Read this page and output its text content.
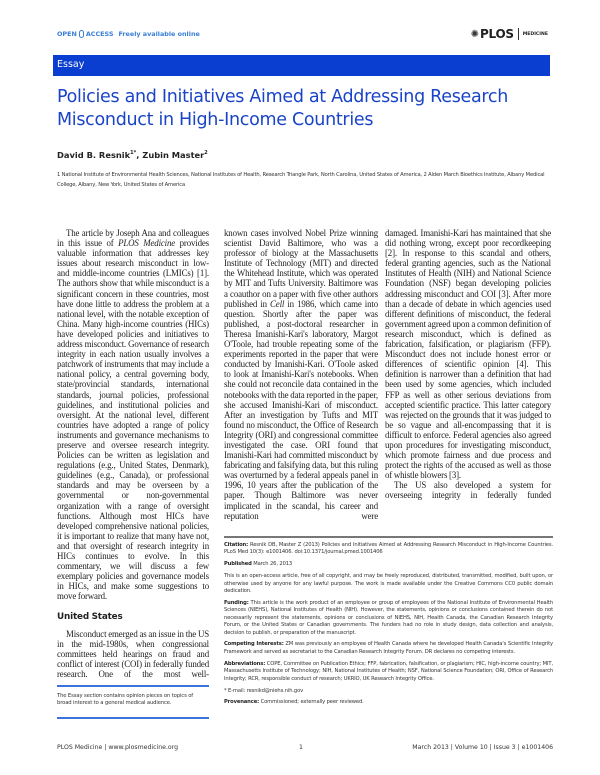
OPEN ACCESS Freely available online	✺ PLOS MEDICINE
Essay
Policies and Initiatives Aimed at Addressing Research Misconduct in High-Income Countries
David B. Resnik$^{1*}$, Zubin Master$^2$
1 National Institute of Environmental Health Sciences, National Institutes of Health, Research Triangle Park, North Carolina, United States of America, 2 Alden March Bioethics Institute, Albany Medical College, Albany, New York, United States of America

The article by Joseph Ana and colleagues in this issue of PLOS Medicine provides valuable information that addresses key issues about research misconduct in low- and middle-income countries (LMICs) [1]. The authors show that while misconduct is a significant concern in these countries, most have done little to address the problem at a national level, with the notable exception of China. Many high-income countries (HICs) have developed policies and initiatives to address misconduct. Governance of research integrity in each nation usually involves a patchwork of instruments that may include a national policy, a central governing body, state/provincial standards, international standards, journal policies, professional guidelines, and institutional policies and oversight. At the national level, different countries have adopted a range of policy instruments and governance mechanisms to preserve and oversee research integrity. Policies can be written as legislation and regulations (e.g., United States, Denmark), guidelines (e.g., Canada), or professional standards and may be overseen by a governmental or non-governmental organization with a range of oversight functions. Although most HICs have developed comprehensive national policies, it is important to realize that many have not, and that oversight of research integrity in HICs continues to evolve. In this commentary, we will discuss a few exemplary policies and governance models in HICs, and make some suggestions to move forward.

United States

Misconduct emerged as an issue in the US in the mid-1980s, when congressional committees held hearings on fraud and conflict of interest (COI) in federally funded research. One of the most well-

known cases involved Nobel Prize winning scientist David Baltimore, who was a professor of biology at the Massachusetts Institute of Technology (MIT) and directed the Whitehead Institute, which was operated by MIT and Tufts University. Baltimore was a coauthor on a paper with five other authors published in Cell in 1986, which came into question. Shortly after the paper was published, a post-doctoral researcher in Theresa Imanishi-Kari's laboratory, Margot O'Toole, had trouble repeating some of the experiments reported in the paper that were conducted by Imanishi-Kari. O'Toole asked to look at Imanishi-Kari's notebooks. When she could not reconcile data contained in the notebooks with the data reported in the paper, she accused Imanishi-Kari of misconduct. After an investigation by Tufts and MIT found no misconduct, the Office of Research Integrity (ORI) and congressional committee investigated the case. ORI found that Imanishi-Kari had committed misconduct by fabricating and falsifying data, but this ruling was overturned by a federal appeals panel in 1996, 10 years after the publication of the paper. Though Baltimore was never implicated in the scandal, his career and reputation were

damaged. Imanishi-Kari has maintained that she did nothing wrong, except poor recordkeeping [2]. In response to this scandal and others, federal granting agencies, such as the National Institutes of Health (NIH) and National Science Foundation (NSF) began developing policies addressing misconduct and COI [3]. After more than a decade of debate in which agencies used different definitions of misconduct, the federal government agreed upon a common definition of research misconduct, which is defined as fabrication, falsification, or plagiarism (FFP). Misconduct does not include honest error or differences of scientific opinion [4]. This definition is narrower than a definition that had been used by some agencies, which included FFP as well as other serious deviations from accepted scientific practice. This latter category was rejected on the grounds that it was judged to be so vague and all-encompassing that it is difficult to enforce. Federal agencies also agreed upon procedures for investigating misconduct, which promote fairness and due process and protect the rights of the accused as well as those of whistle blowers [3].

The US also developed a system for overseeing integrity in federally funded

The Essay section contains opinion pieces on topics of broad interest to a general medical audience.

Citation: Resnik DB, Master Z (2013) Policies and Initiatives Aimed at Addressing Research Misconduct in High-Income Countries. PLoS Med 10(3): e1001406. doi:10.1371/journal.pmed.1001406

Published March 26, 2013

This is an open-access article, free of all copyright, and may be freely reproduced, distributed, transmitted, modified, built upon, or otherwise used by anyone for any lawful purpose. The work is made available under the Creative Commons CC0 public domain dedication.

Funding: This article is the work product of an employee or group of employees of the National Institute of Environmental Health Sciences (NIEHS), National Institutes of Health (NIH). However, the statements, opinions or conclusions contained therein do not necessarily represent the statements, opinions or conclusions of NIEHS, NIH, Health Canada, the Canadian Research Integrity Forum, or the United States or Canadian governments. The funders had no role in study design, data collection and analysis, decision to publish, or preparation of the manuscript.

Competing Interests: ZM was previously an employee of Health Canada where he developed Health Canada's Scientific Integrity Framework and served as secretariat to the Canadian Research Integrity Forum. DR declares no competing interests.

Abbreviations: COPE, Committee on Publication Ethics; FFP, fabrication, falsification, or plagiarism; HIC, high-income country; MIT, Massachusetts Institute of Technology; NIH, National Institutes of Health; NSF, National Science Foundation; ORI, Office of Research Integrity; RCR, responsible conduct of research; UKRIO, UK Research Integrity Office.

* E-mail: resnikd@niehs.nih.gov

Provenance: Commissioned; externally peer reviewed.

PLOS Medicine | www.plosmedicine.org	1	March 2013 | Volume 10 | Issue 3 | e1001406
